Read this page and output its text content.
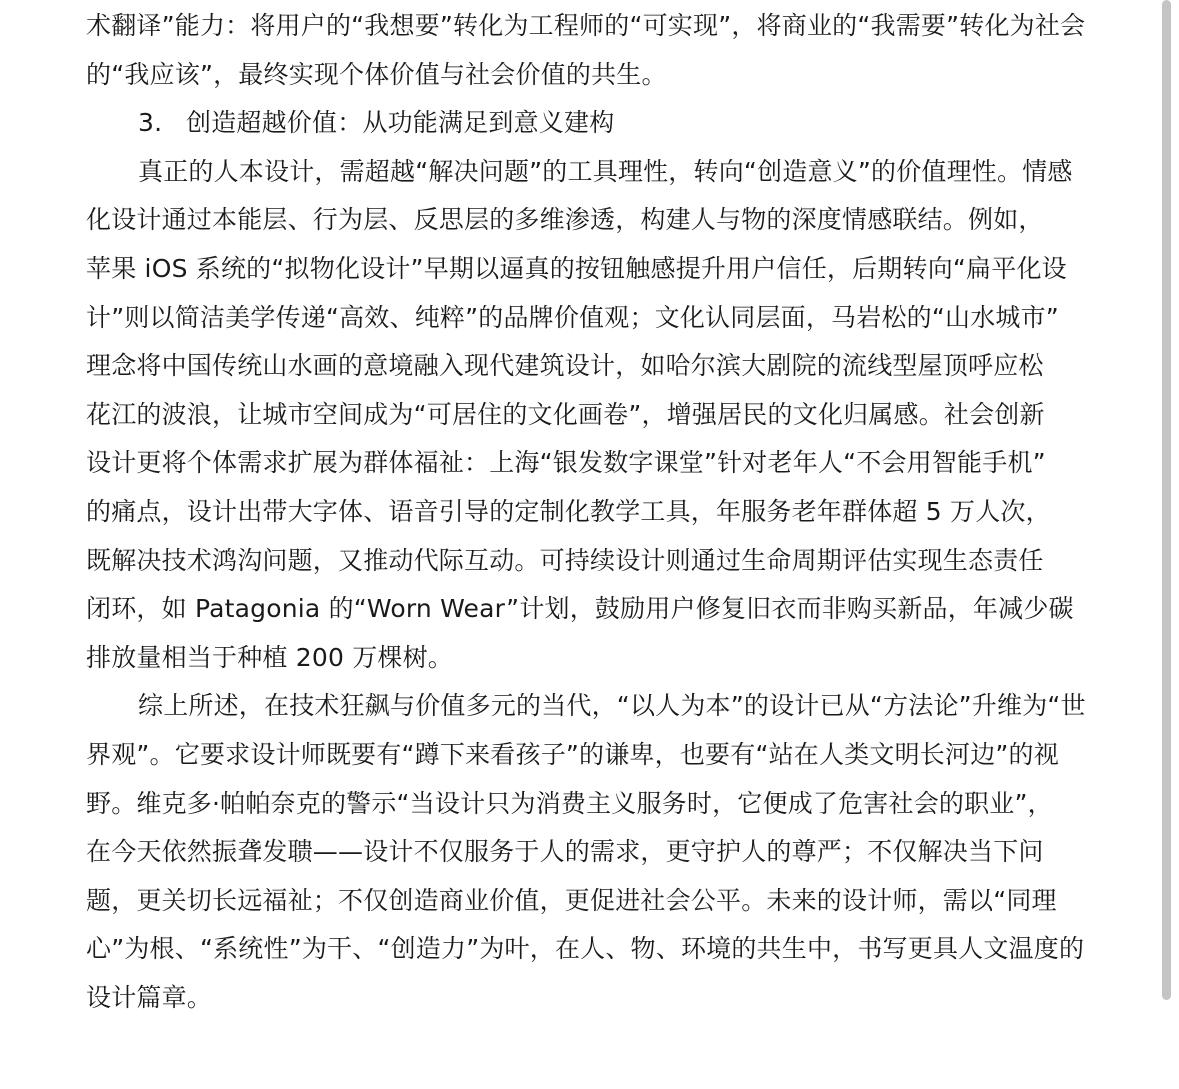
术翻译”能力：将用户的“我想要”转化为工程师的“可实现”，将商业的“我需要”转化为社会
的“我应该”，最终实现个体价值与社会价值的共生。
3. 创造超越价值：从功能满足到意义建构
真正的人本设计，需超越“解决问题”的工具理性，转向“创造意义”的价值理性。情感
化设计通过本能层、行为层、反思层的多维渗透，构建人与物的深度情感联结。例如，
苹果 iOS 系统的“拟物化设计”早期以逼真的按钮触感提升用户信任，后期转向“扁平化设
计”则以简洁美学传递“高效、纯粹”的品牌价值观；文化认同层面，马岩松的“山水城市”
理念将中国传统山水画的意境融入现代建筑设计，如哈尔滨大剧院的流线型屋顶呼应松
花江的波浪，让城市空间成为“可居住的文化画卷”，增强居民的文化归属感。社会创新
设计更将个体需求扩展为群体福祉：上海“银发数字课堂”针对老年人“不会用智能手机”
的痛点，设计出带大字体、语音引导的定制化教学工具，年服务老年群体超 5 万人次，
既解决技术鸿沟问题，又推动代际互动。可持续设计则通过生命周期评估实现生态责任
闭环，如 Patagonia 的“Worn Wear”计划，鼓励用户修复旧衣而非购买新品，年减少碳
排放量相当于种植 200 万棵树。
综上所述，在技术狂飙与价值多元的当代，“以人为本”的设计已从“方法论”升维为“世
界观”。它要求设计师既要有“蹲下来看孩子”的谦卑，也要有“站在人类文明长河边”的视
野。维克多·帕帕奈克的警示“当设计只为消费主义服务时，它便成了危害社会的职业”，
在今天依然振聋发聩——设计不仅服务于人的需求，更守护人的尊严；不仅解决当下问
题，更关切长远福祉；不仅创造商业价值，更促进社会公平。未来的设计师，需以“同理
心”为根、“系统性”为干、“创造力”为叶，在人、物、环境的共生中，书写更具人文温度的
设计篇章。
